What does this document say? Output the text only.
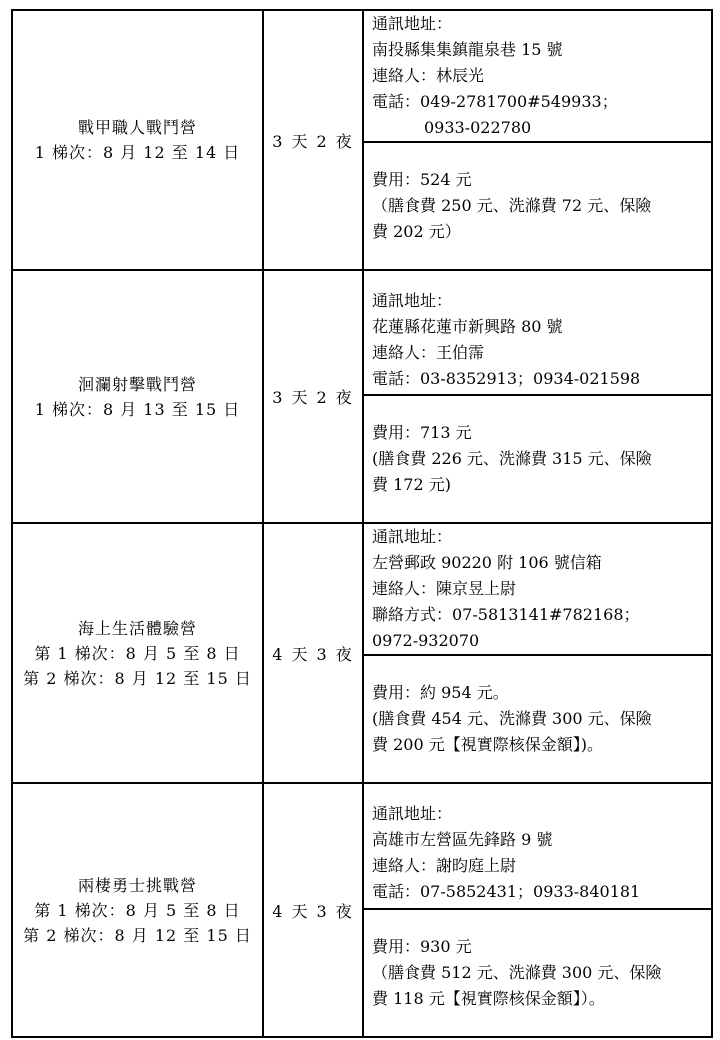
戰甲職人戰鬥營
1 梯次：8 月 12 至 14 日	3 天 2 夜	通訊地址：
南投縣集集鎮龍泉巷 15 號
連絡人：林辰光
電話：049-2781700#549933；
0933-022780

		費用：524 元
（膳食費 250 元、洗滌費 72 元、保險
費 202 元）

洄瀾射擊戰鬥營
1 梯次：8 月 13 至 15 日	3 天 2 夜	通訊地址：
花蓮縣花蓮市新興路 80 號
連絡人：王伯霈
電話：03-8352913；0934-021598

		費用：713 元
(膳食費 226 元、洗滌費 315 元、保險
費 172 元)

海上生活體驗營
第 1 梯次：8 月 5 至 8 日
第 2 梯次：8 月 12 至 15 日	4 天 3 夜	通訊地址：
左營郵政 90220 附 106 號信箱
連絡人：陳京昱上尉
聯絡方式：07-5813141#782168；
0972-932070

		費用：約 954 元。
(膳食費 454 元、洗滌費 300 元、保險
費 200 元【視實際核保金額】)。

兩棲勇士挑戰營
第 1 梯次：8 月 5 至 8 日
第 2 梯次：8 月 12 至 15 日	4 天 3 夜	通訊地址：
高雄市左營區先鋒路 9 號
連絡人：謝昀庭上尉
電話：07-5852431；0933-840181

		費用：930 元
（膳食費 512 元、洗滌費 300 元、保險
費 118 元【視實際核保金額】）。
